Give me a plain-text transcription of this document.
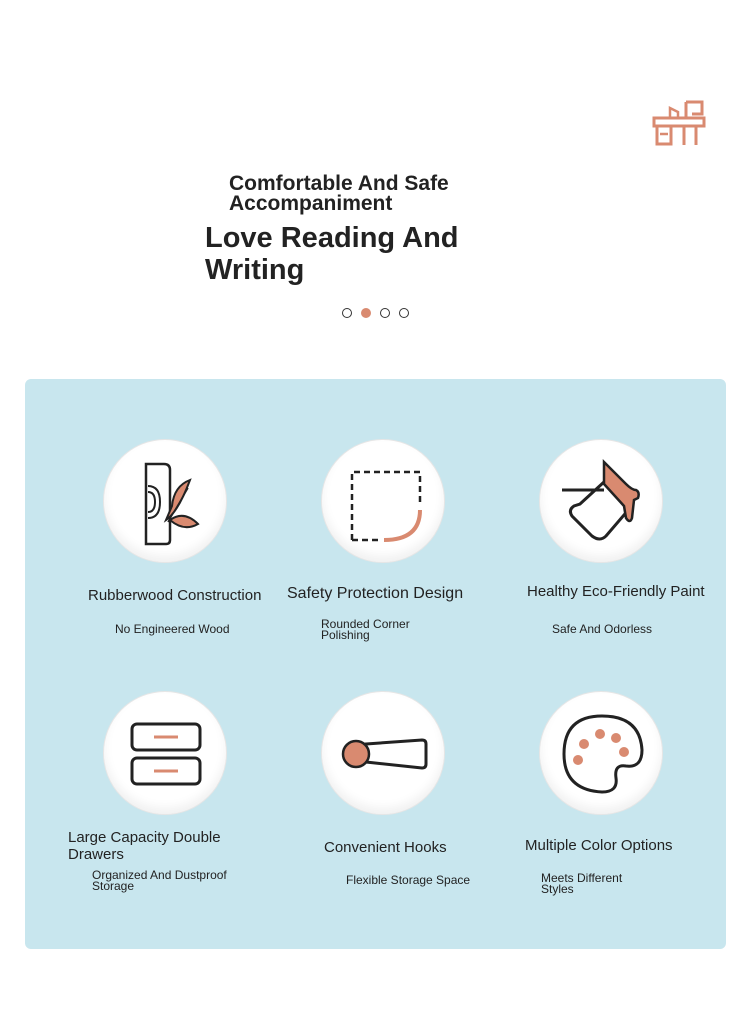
Comfortable And Safe Accompaniment
Love Reading And Writing
Rubberwood Construction
No Engineered Wood
Safety Protection Design
Rounded Corner Polishing
Healthy Eco-Friendly Paint
Safe And Odorless
Large Capacity Double Drawers
Organized And Dustproof Storage
Convenient Hooks
Flexible Storage Space
Multiple Color Options
Meets Different Styles
